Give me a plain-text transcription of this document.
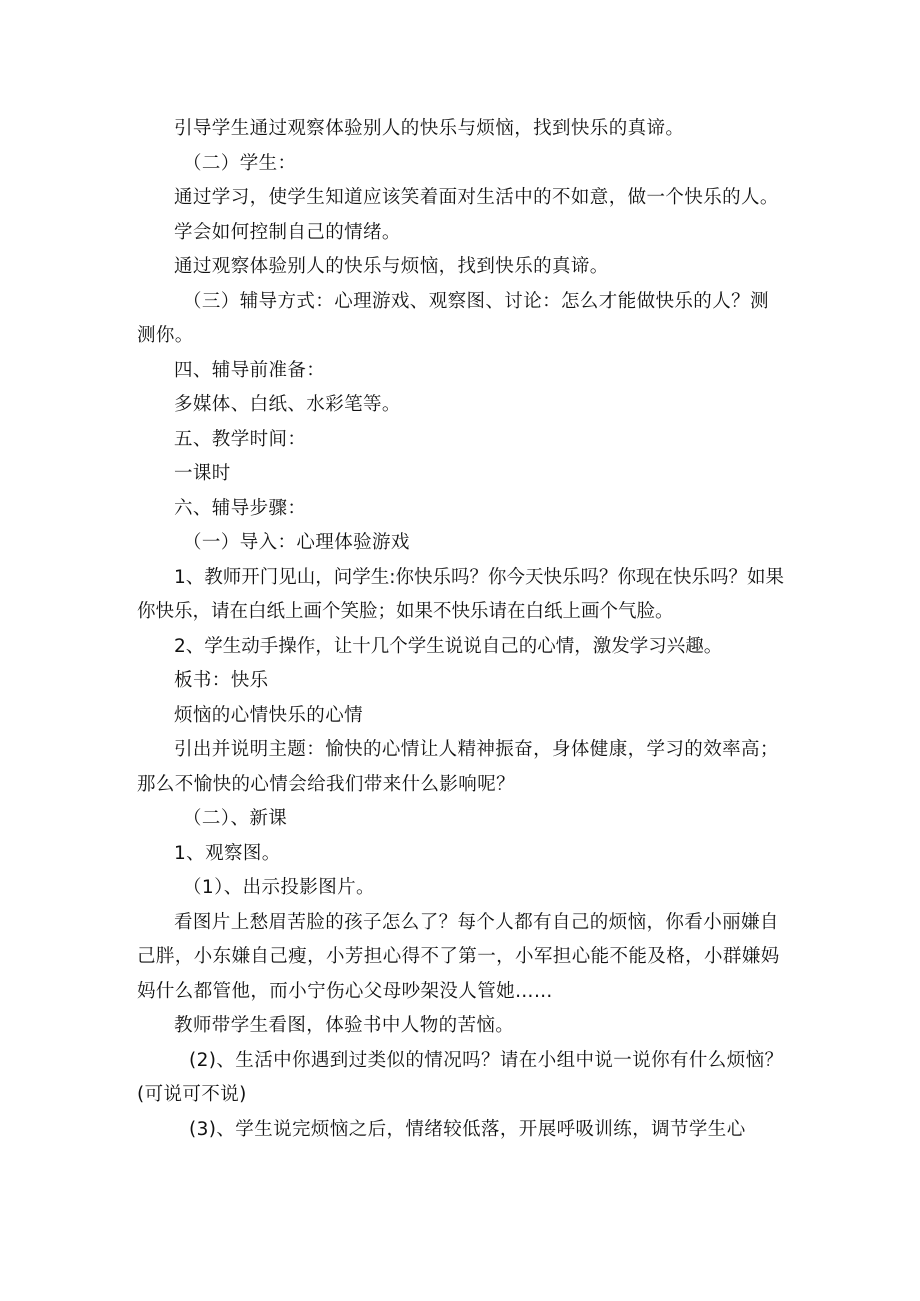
引导学生通过观察体验别人的快乐与烦恼，找到快乐的真谛。

（二）学生：

通过学习，使学生知道应该笑着面对生活中的不如意，做一个快乐的人。

学会如何控制自己的情绪。

通过观察体验别人的快乐与烦恼，找到快乐的真谛。

（三）辅导方式：心理游戏、观察图、讨论：怎么才能做快乐的人？测测你。

四、辅导前准备：

多媒体、白纸、水彩笔等。

五、教学时间：

一课时

六、辅导步骤：

（一）导入：心理体验游戏

1、教师开门见山，问学生:你快乐吗？你今天快乐吗？你现在快乐吗？如果你快乐，请在白纸上画个笑脸；如果不快乐请在白纸上画个气脸。

2、学生动手操作，让十几个学生说说自己的心情，激发学习兴趣。

板书：快乐

烦恼的心情快乐的心情

引出并说明主题：愉快的心情让人精神振奋，身体健康，学习的效率高；那么不愉快的心情会给我们带来什么影响呢？

（二）、新课

1、观察图。

（1）、出示投影图片。

看图片上愁眉苦脸的孩子怎么了？每个人都有自己的烦恼，你看小丽嫌自己胖，小东嫌自己瘦，小芳担心得不了第一，小军担心能不能及格，小群嫌妈妈什么都管他，而小宁伤心父母吵架没人管她……

教师带学生看图，体验书中人物的苦恼。

(2)、生活中你遇到过类似的情况吗？请在小组中说一说你有什么烦恼？(可说可不说)

(3)、学生说完烦恼之后，情绪较低落，开展呼吸训练，调节学生心
